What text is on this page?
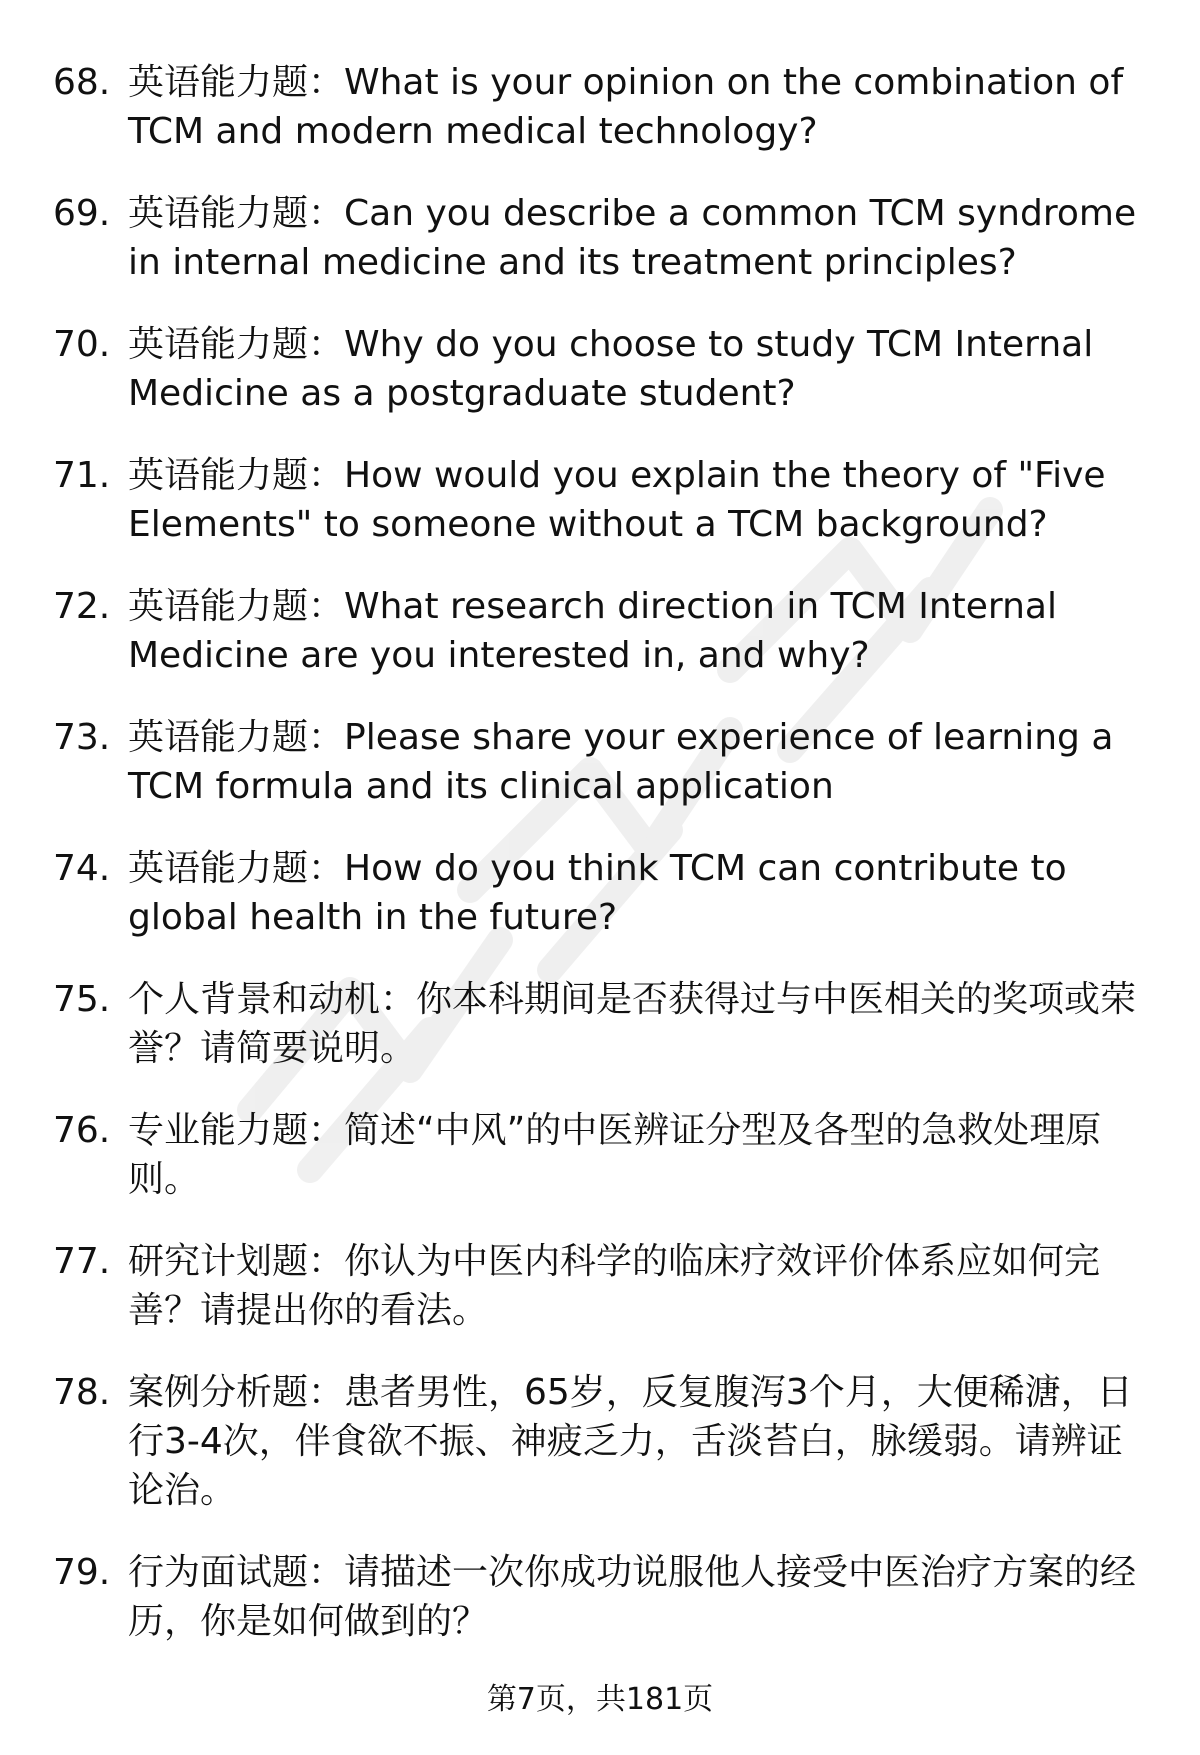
68. 英语能力题：What is your opinion on the combination of TCM and modern medical technology?
69. 英语能力题：Can you describe a common TCM syndrome in internal medicine and its treatment principles?
70. 英语能力题：Why do you choose to study TCM Internal Medicine as a postgraduate student?
71. 英语能力题：How would you explain the theory of "Five Elements" to someone without a TCM background?
72. 英语能力题：What research direction in TCM Internal Medicine are you interested in, and why?
73. 英语能力题：Please share your experience of learning a TCM formula and its clinical application
74. 英语能力题：How do you think TCM can contribute to global health in the future?
75. 个人背景和动机：你本科期间是否获得过与中医相关的奖项或荣誉？请简要说明。
76. 专业能力题：简述“中风”的中医辨证分型及各型的急救处理原则。
77. 研究计划题：你认为中医内科学的临床疗效评价体系应如何完善？请提出你的看法。
78. 案例分析题：患者男性，65岁，反复腹泻3个月，大便稀溏，日行3-4次，伴食欲不振、神疲乏力，舌淡苔白，脉缓弱。请辨证论治。
79. 行为面试题：请描述一次你成功说服他人接受中医治疗方案的经历，你是如何做到的？
第7页，共181页
